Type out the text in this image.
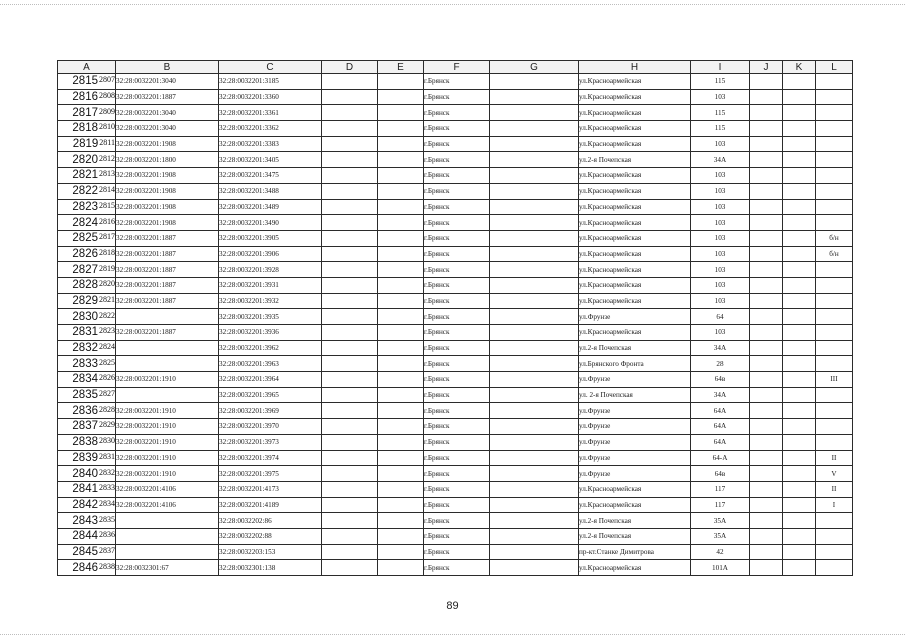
A	B	C	D	E	F	G	H	I	J	K	L
$2815^{2807}$	32:28:0032201:3040	32:28:0032201:3185			г.Брянск		ул.Красноармейская	115			
$2816^{2808}$	32:28:0032201:1887	32:28:0032201:3360			г.Брянск		ул.Красноармейская	103			
$2817^{2809}$	32:28:0032201:3040	32:28:0032201:3361			г.Брянск		ул.Красноармейская	115			
$2818^{2810}$	32:28:0032201:3040	32:28:0032201:3362			г.Брянск		ул.Красноармейская	115			
$2819^{2811}$	32:28:0032201:1908	32:28:0032201:3383			г.Брянск		ул.Красноармейская	103			
$2820^{2812}$	32:28:0032201:1800	32:28:0032201:3405			г.Брянск		ул.2-я Почепская	34А			
$2821^{2813}$	32:28:0032201:1908	32:28:0032201:3475			г.Брянск		ул.Красноармейская	103			
$2822^{2814}$	32:28:0032201:1908	32:28:0032201:3488			г.Брянск		ул.Красноармейская	103			
$2823^{2815}$	32:28:0032201:1908	32:28:0032201:3489			г.Брянск		ул.Красноармейская	103			
$2824^{2816}$	32:28:0032201:1908	32:28:0032201:3490			г.Брянск		ул.Красноармейская	103			
$2825^{2817}$	32:28:0032201:1887	32:28:0032201:3905			г.Брянск		ул.Красноармейская	103			б/н
$2826^{2818}$	32:28:0032201:1887	32:28:0032201:3906			г.Брянск		ул.Красноармейская	103			б/н
$2827^{2819}$	32:28:0032201:1887	32:28:0032201:3928			г.Брянск		ул.Красноармейская	103			
$2828^{2820}$	32:28:0032201:1887	32:28:0032201:3931			г.Брянск		ул.Красноармейская	103			
$2829^{2821}$	32:28:0032201:1887	32:28:0032201:3932			г.Брянск		ул.Красноармейская	103			
$2830^{2822}$		32:28:0032201:3935			г.Брянск		ул.Фрунзе	64			
$2831^{2823}$	32:28:0032201:1887	32:28:0032201:3936			г.Брянск		ул.Красноармейская	103			
$2832^{2824}$		32:28:0032201:3962			г.Брянск		ул.2-я Почепская	34А			
$2833^{2825}$		32:28:0032201:3963			г.Брянск		ул.Брянского Фронта	28			
$2834^{2826}$	32:28:0032201:1910	32:28:0032201:3964			г.Брянск		ул.Фрунзе	64в			III
$2835^{2827}$		32:28:0032201:3965			г.Брянск		ул. 2-я Почепская	34А			
$2836^{2828}$	32:28:0032201:1910	32:28:0032201:3969			г.Брянск		ул.Фрунзе	64А			
$2837^{2829}$	32:28:0032201:1910	32:28:0032201:3970			г.Брянск		ул.Фрунзе	64А			
$2838^{2830}$	32:28:0032201:1910	32:28:0032201:3973			г.Брянск		ул.Фрунзе	64А			
$2839^{2831}$	32:28:0032201:1910	32:28:0032201:3974			г.Брянск		ул.Фрунзе	64-А			II
$2840^{2832}$	32:28:0032201:1910	32:28:0032201:3975			г.Брянск		ул.Фрунзе	64в			V
$2841^{2833}$	32:28:0032201:4106	32:28:0032201:4173			г.Брянск		ул.Красноармейская	117			II
$2842^{2834}$	32:28:0032201:4106	32:28:0032201:4189			г.Брянск		ул.Красноармейская	117			I
$2843^{2835}$		32:28:0032202:86			г.Брянск		ул.2-я Почепская	35А			
$2844^{2836}$		32:28:0032202:88			г.Брянск		ул.2-я Почепская	35А			
$2845^{2837}$		32:28:0032203:153			г.Брянск		пр-кт.Станке Димитрова	42			
$2846^{2838}$	32:28:0032301:67	32:28:0032301:138			г.Брянск		ул.Красноармейская	101А			
89
